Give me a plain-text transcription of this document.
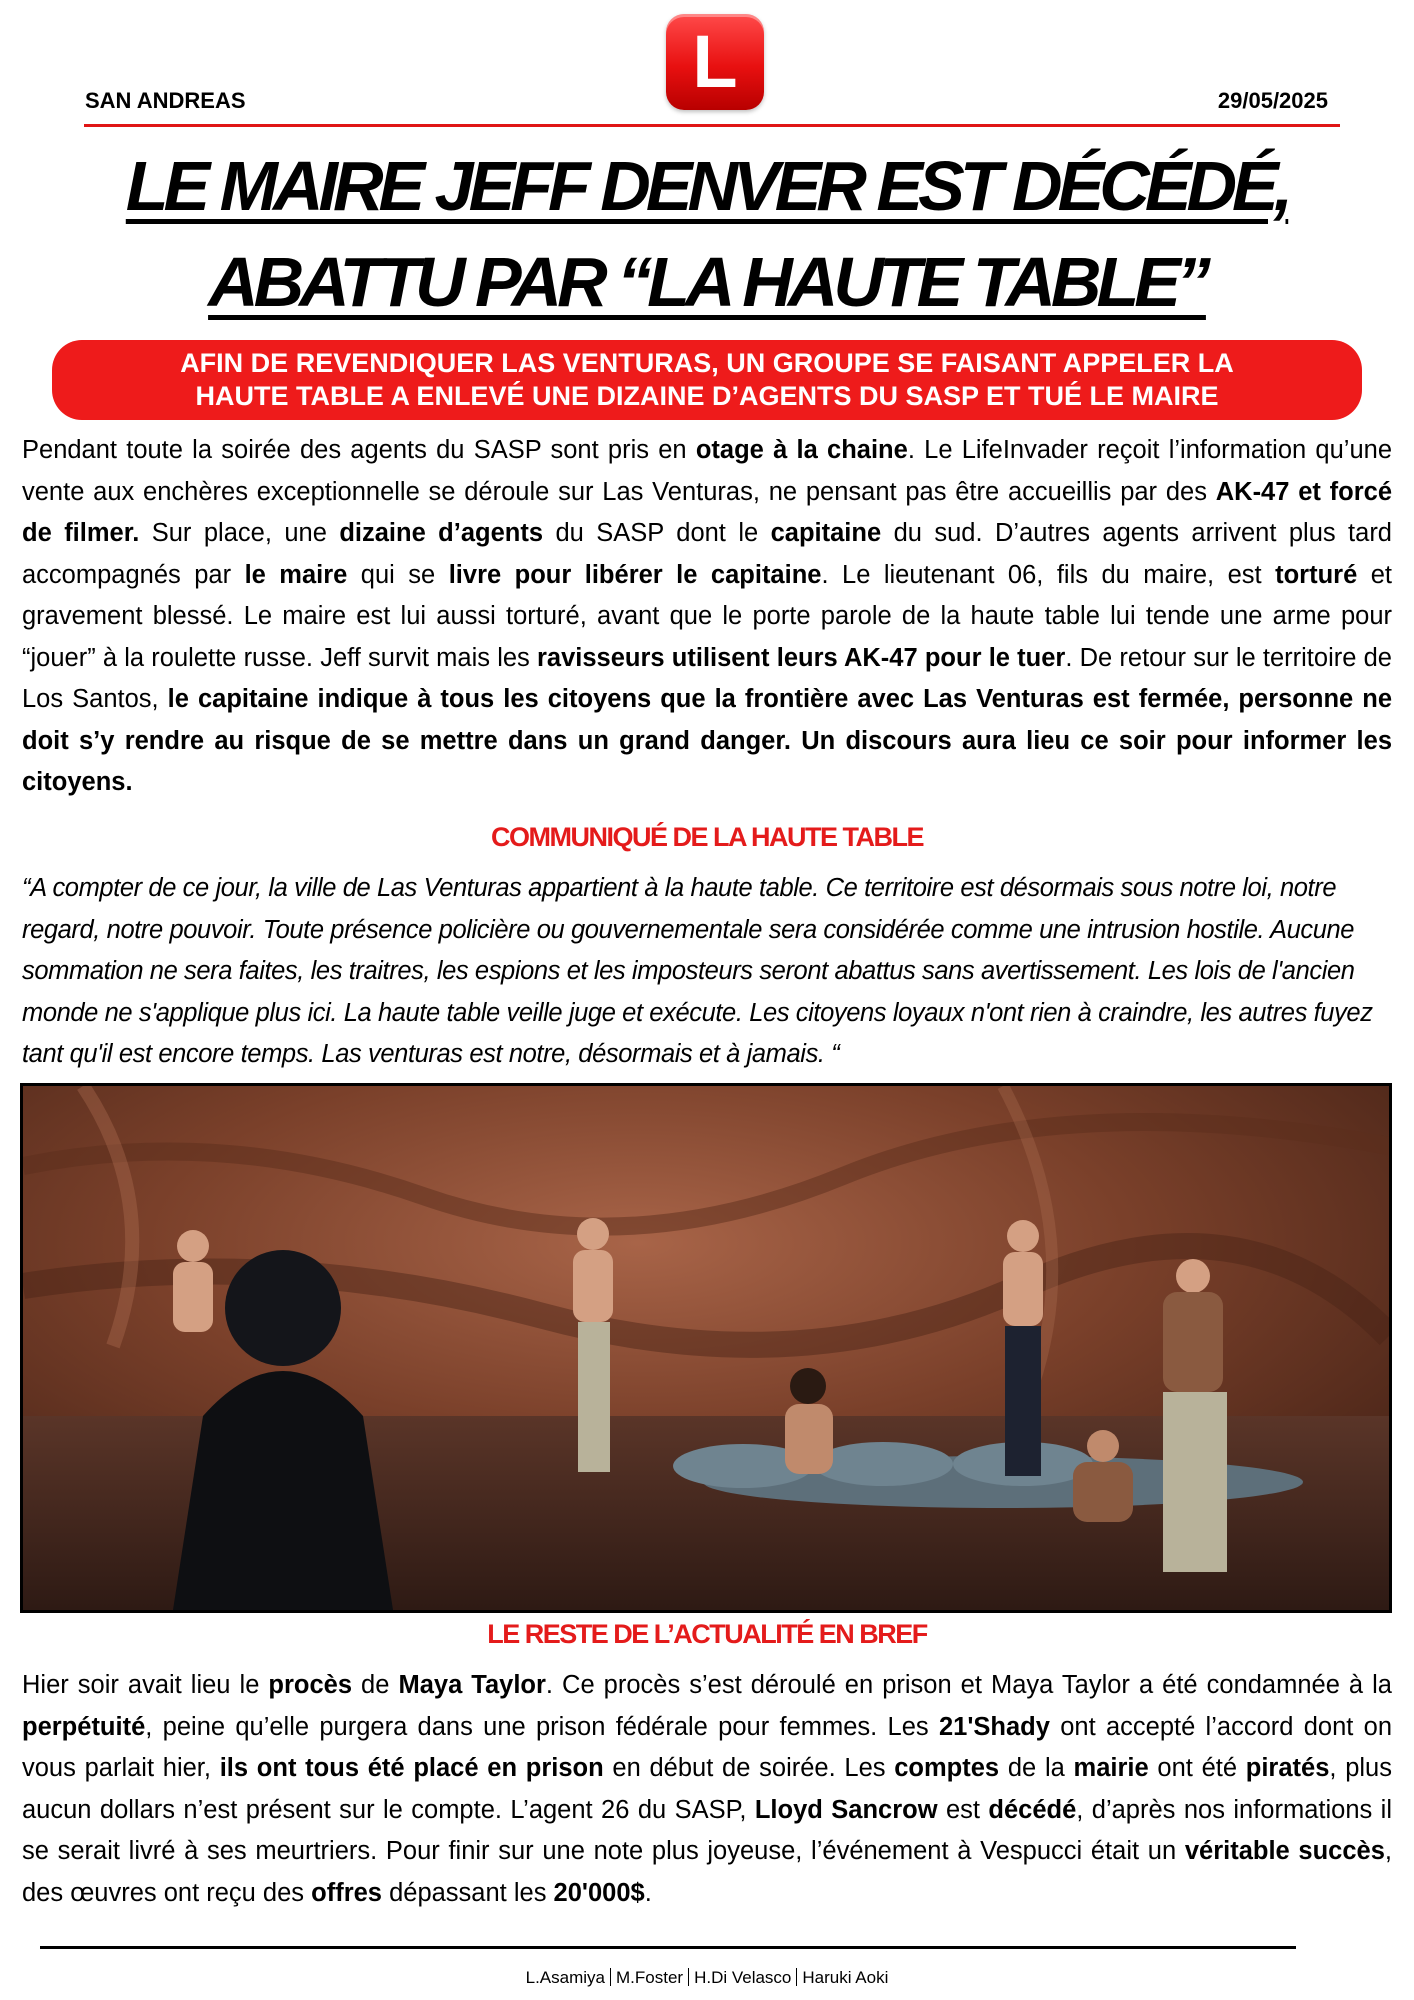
L
SAN ANDREAS	29/05/2025
LE MAIRE JEFF DENVER EST DÉCÉDÉ,
ABATTU PAR “LA HAUTE TABLE”
AFIN DE REVENDIQUER LAS VENTURAS, UN GROUPE SE FAISANT APPELER LA
HAUTE TABLE A ENLEVÉ UNE DIZAINE D’AGENTS DU SASP ET TUÉ LE MAIRE
Pendant toute la soirée des agents du SASP sont pris en otage à la chaine. Le LifeInvader reçoit l’information qu’une vente aux enchères exceptionnelle se déroule sur Las Venturas, ne pensant pas être accueillis par des AK-47 et forcé de filmer. Sur place, une dizaine d’agents du SASP dont le capitaine du sud. D’autres agents arrivent plus tard accompagnés par le maire qui se livre pour libérer le capitaine. Le lieutenant 06, fils du maire, est torturé et gravement blessé. Le maire est lui aussi torturé, avant que le porte parole de la haute table lui tende une arme pour “jouer” à la roulette russe. Jeff survit mais les ravisseurs utilisent leurs AK-47 pour le tuer. De retour sur le territoire de Los Santos, le capitaine indique à tous les citoyens que la frontière avec Las Venturas est fermée, personne ne doit s’y rendre au risque de se mettre dans un grand danger. Un discours aura lieu ce soir pour informer les citoyens.
COMMUNIQUÉ DE LA HAUTE TABLE
“A compter de ce jour, la ville de Las Venturas appartient à la haute table. Ce territoire est désormais sous notre loi, notre regard, notre pouvoir. Toute présence policière ou gouvernementale sera considérée comme une intrusion hostile. Aucune sommation ne sera faites, les traitres, les espions et les imposteurs seront abattus sans avertissement. Les lois de l'ancien monde ne s'applique plus ici. La haute table veille juge et exécute. Les citoyens loyaux n'ont rien à craindre, les autres fuyez tant qu'il est encore temps. Las venturas est notre, désormais et à jamais. “
LE RESTE DE L’ACTUALITÉ EN BREF
Hier soir avait lieu le procès de Maya Taylor. Ce procès s’est déroulé en prison et Maya Taylor a été condamnée à la perpétuité, peine qu’elle purgera dans une prison fédérale pour femmes. Les 21'Shady ont accepté l’accord dont on vous parlait hier, ils ont tous été placé en prison en début de soirée. Les comptes de la mairie ont été piratés, plus aucun dollars n’est présent sur le compte. L’agent 26 du SASP, Lloyd Sancrow est décédé, d’après nos informations il se serait livré à ses meurtriers. Pour finir sur une note plus joyeuse, l’événement à Vespucci était un véritable succès, des œuvres ont reçu des offres dépassant les 20'000$.
L.Asamiya M.Foster H.Di Velasco Haruki Aoki
